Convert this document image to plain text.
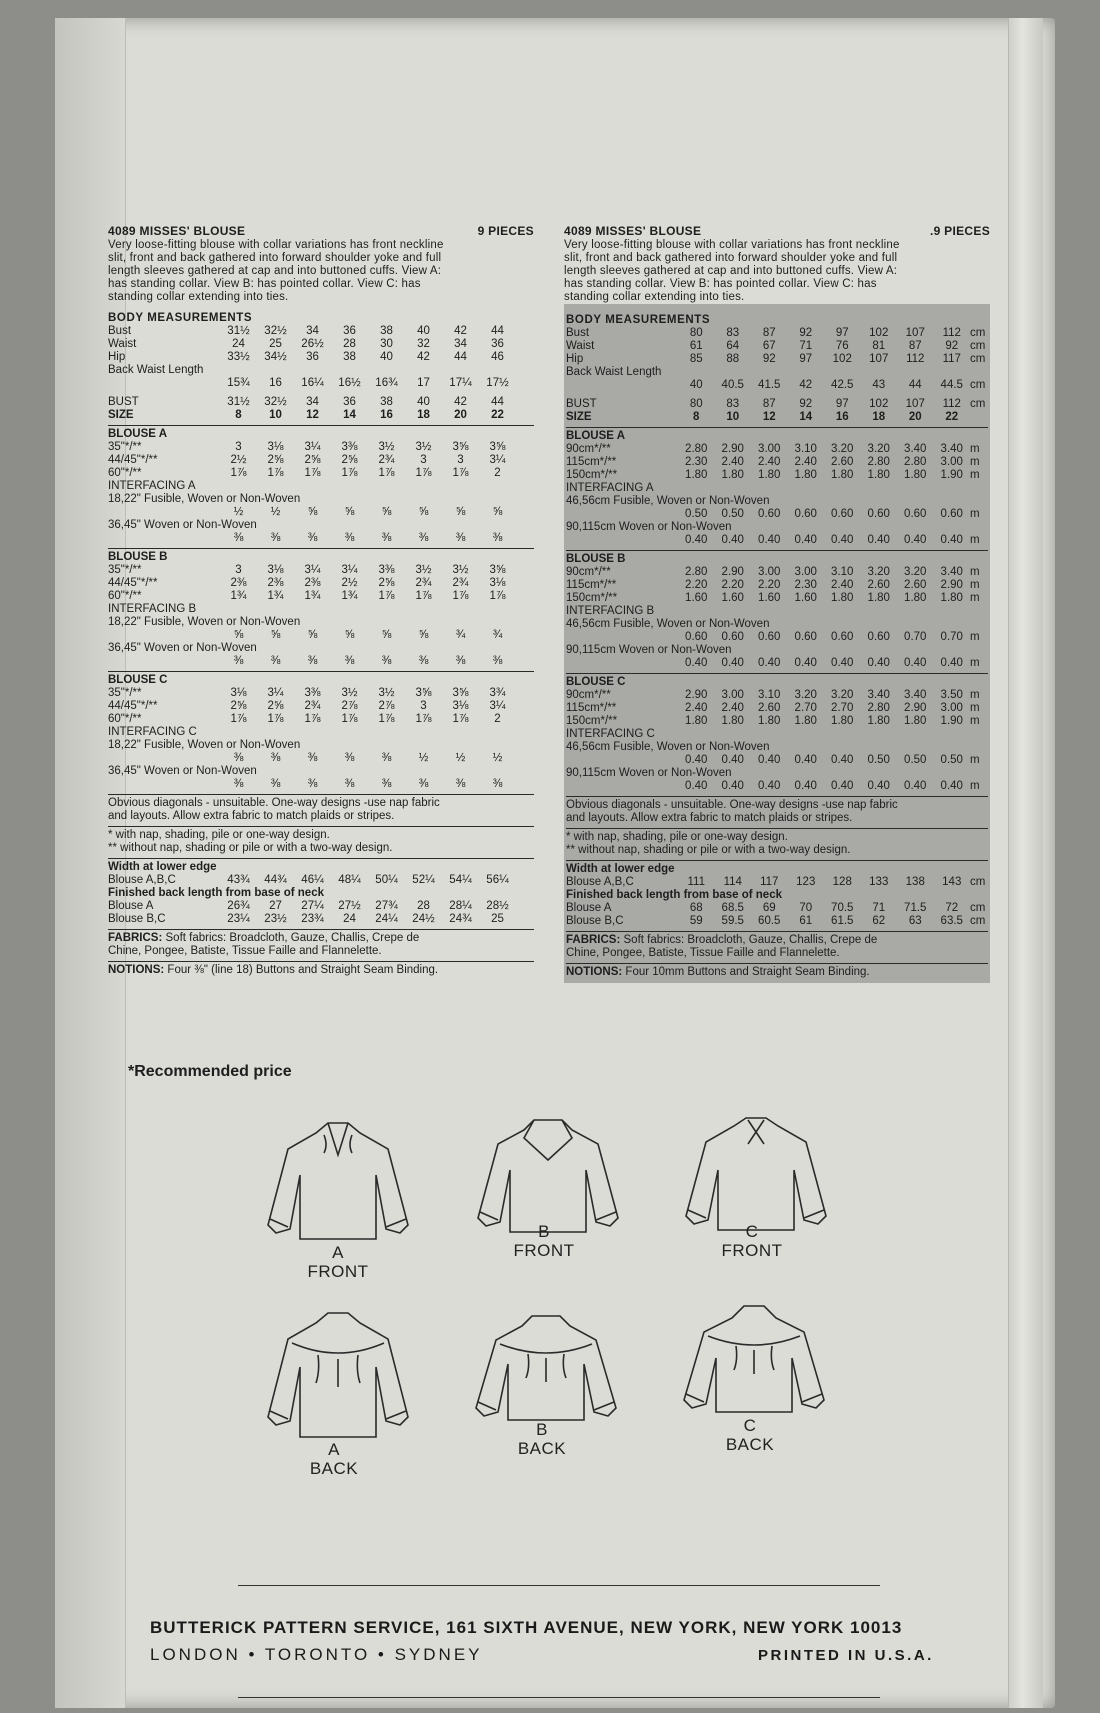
4089 MISSES' BLOUSE	9 PIECES
Very loose-fitting blouse with collar variations has front neckline
slit, front and back gathered into forward shoulder yoke and full
length sleeves gathered at cap and into buttoned cuffs. View A:
has standing collar. View B: has pointed collar. View C: has
standing collar extending into ties.
BODY MEASUREMENTS
Bust	31½	32½	34	36	38	40	42	44	
Waist	24	25	26½	28	30	32	34	36	
Hip	33½	34½	36	38	40	42	44	46	
Back Waist Length									
	15¾	16	16¼	16½	16¾	17	17¼	17½	
BUST	31½	32½	34	36	38	40	42	44	
SIZE	8	10	12	14	16	18	20	22	
BLOUSE A
35"*/**	3	3⅛	3¼	3⅜	3½	3½	3⅝	3⅝	
44/45"*/**	2½	2⅝	2⅝	2⅝	2¾	3	3	3¼	
60"*/**	1⅞	1⅞	1⅞	1⅞	1⅞	1⅞	1⅞	2	
INTERFACING A
18,22" Fusible, Woven or Non-Woven
	½	½	⅝	⅝	⅝	⅝	⅝	⅝	
36,45" Woven or Non-Woven
	⅜	⅜	⅜	⅜	⅜	⅜	⅜	⅜	
BLOUSE B
35"*/**	3	3⅛	3¼	3¼	3⅜	3½	3½	3⅝	
44/45"*/**	2⅜	2⅜	2⅜	2½	2⅝	2¾	2¾	3⅛	
60"*/**	1¾	1¾	1¾	1¾	1⅞	1⅞	1⅞	1⅞	
INTERFACING B
18,22" Fusible, Woven or Non-Woven
	⅝	⅝	⅝	⅝	⅝	⅝	¾	¾	
36,45" Woven or Non-Woven
	⅜	⅜	⅜	⅜	⅜	⅜	⅜	⅜	
BLOUSE C
35"*/**	3⅛	3¼	3⅜	3½	3½	3⅝	3⅝	3¾	
44/45"*/**	2⅝	2⅝	2¾	2⅞	2⅞	3	3⅛	3¼	
60"*/**	1⅞	1⅞	1⅞	1⅞	1⅞	1⅞	1⅞	2	
INTERFACING C
18,22" Fusible, Woven or Non-Woven
	⅜	⅜	⅜	⅜	⅜	½	½	½	
36,45" Woven or Non-Woven
	⅜	⅜	⅜	⅜	⅜	⅜	⅜	⅜	
Obvious diagonals - unsuitable. One-way designs -use nap fabric
and layouts. Allow extra fabric to match plaids or stripes.
* with nap, shading, pile or one-way design.
** without nap, shading or pile or with a two-way design.
Width at lower edge
Blouse A,B,C	43¾	44¾	46¼	48¼	50¼	52¼	54¼	56¼	
Finished back length from base of neck
Blouse A	26¾	27	27¼	27½	27¾	28	28¼	28½	
Blouse B,C	23¼	23½	23¾	24	24¼	24½	24¾	25	
FABRICS: Soft fabrics: Broadcloth, Gauze, Challis, Crepe de
Chine, Pongee, Batiste, Tissue Faille and Flannelette.
NOTIONS: Four ⅜" (line 18) Buttons and Straight Seam Binding.
4089 MISSES' BLOUSE	.9 PIECES
Very loose-fitting blouse with collar variations has front neckline
slit, front and back gathered into forward shoulder yoke and full
length sleeves gathered at cap and into buttoned cuffs. View A:
has standing collar. View B: has pointed collar. View C: has
standing collar extending into ties.
BODY MEASUREMENTS
Bust	80	83	87	92	97	102	107	112	cm
Waist	61	64	67	71	76	81	87	92	cm
Hip	85	88	92	97	102	107	112	117	cm
Back Waist Length									
	40	40.5	41.5	42	42.5	43	44	44.5	cm
BUST	80	83	87	92	97	102	107	112	cm
SIZE	8	10	12	14	16	18	20	22	
BLOUSE A
90cm*/**	2.80	2.90	3.00	3.10	3.20	3.20	3.40	3.40	m
115cm*/**	2.30	2.40	2.40	2.40	2.60	2.80	2.80	3.00	m
150cm*/**	1.80	1.80	1.80	1.80	1.80	1.80	1.80	1.90	m
INTERFACING A
46,56cm Fusible, Woven or Non-Woven
	0.50	0.50	0.60	0.60	0.60	0.60	0.60	0.60	m
90,115cm Woven or Non-Woven
	0.40	0.40	0.40	0.40	0.40	0.40	0.40	0.40	m
BLOUSE B
90cm*/**	2.80	2.90	3.00	3.00	3.10	3.20	3.20	3.40	m
115cm*/**	2.20	2.20	2.20	2.30	2.40	2.60	2.60	2.90	m
150cm*/**	1.60	1.60	1.60	1.60	1.80	1.80	1.80	1.80	m
INTERFACING B
46,56cm Fusible, Woven or Non-Woven
	0.60	0.60	0.60	0.60	0.60	0.60	0.70	0.70	m
90,115cm Woven or Non-Woven
	0.40	0.40	0.40	0.40	0.40	0.40	0.40	0.40	m
BLOUSE C
90cm*/**	2.90	3.00	3.10	3.20	3.20	3.40	3.40	3.50	m
115cm*/**	2.40	2.40	2.60	2.70	2.70	2.80	2.90	3.00	m
150cm*/**	1.80	1.80	1.80	1.80	1.80	1.80	1.80	1.90	m
INTERFACING C
46,56cm Fusible, Woven or Non-Woven
	0.40	0.40	0.40	0.40	0.40	0.50	0.50	0.50	m
90,115cm Woven or Non-Woven
	0.40	0.40	0.40	0.40	0.40	0.40	0.40	0.40	m
Obvious diagonals - unsuitable. One-way designs -use nap fabric
and layouts. Allow extra fabric to match plaids or stripes.
* with nap, shading, pile or one-way design.
** without nap, shading or pile or with a two-way design.
Width at lower edge
Blouse A,B,C	111	114	117	123	128	133	138	143	cm
Finished back length from base of neck
Blouse A	68	68.5	69	70	70.5	71	71.5	72	cm
Blouse B,C	59	59.5	60.5	61	61.5	62	63	63.5	cm
FABRICS: Soft fabrics: Broadcloth, Gauze, Challis, Crepe de
Chine, Pongee, Batiste, Tissue Faille and Flannelette.
NOTIONS: Four 10mm Buttons and Straight Seam Binding.
*Recommended price
A
FRONT
B
FRONT
C
FRONT
A
BACK
B
BACK
C
BACK
BUTTERICK PATTERN SERVICE, 161 SIXTH AVENUE, NEW YORK, NEW YORK 10013
LONDON • TORONTO • SYDNEY	PRINTED IN U.S.A.
